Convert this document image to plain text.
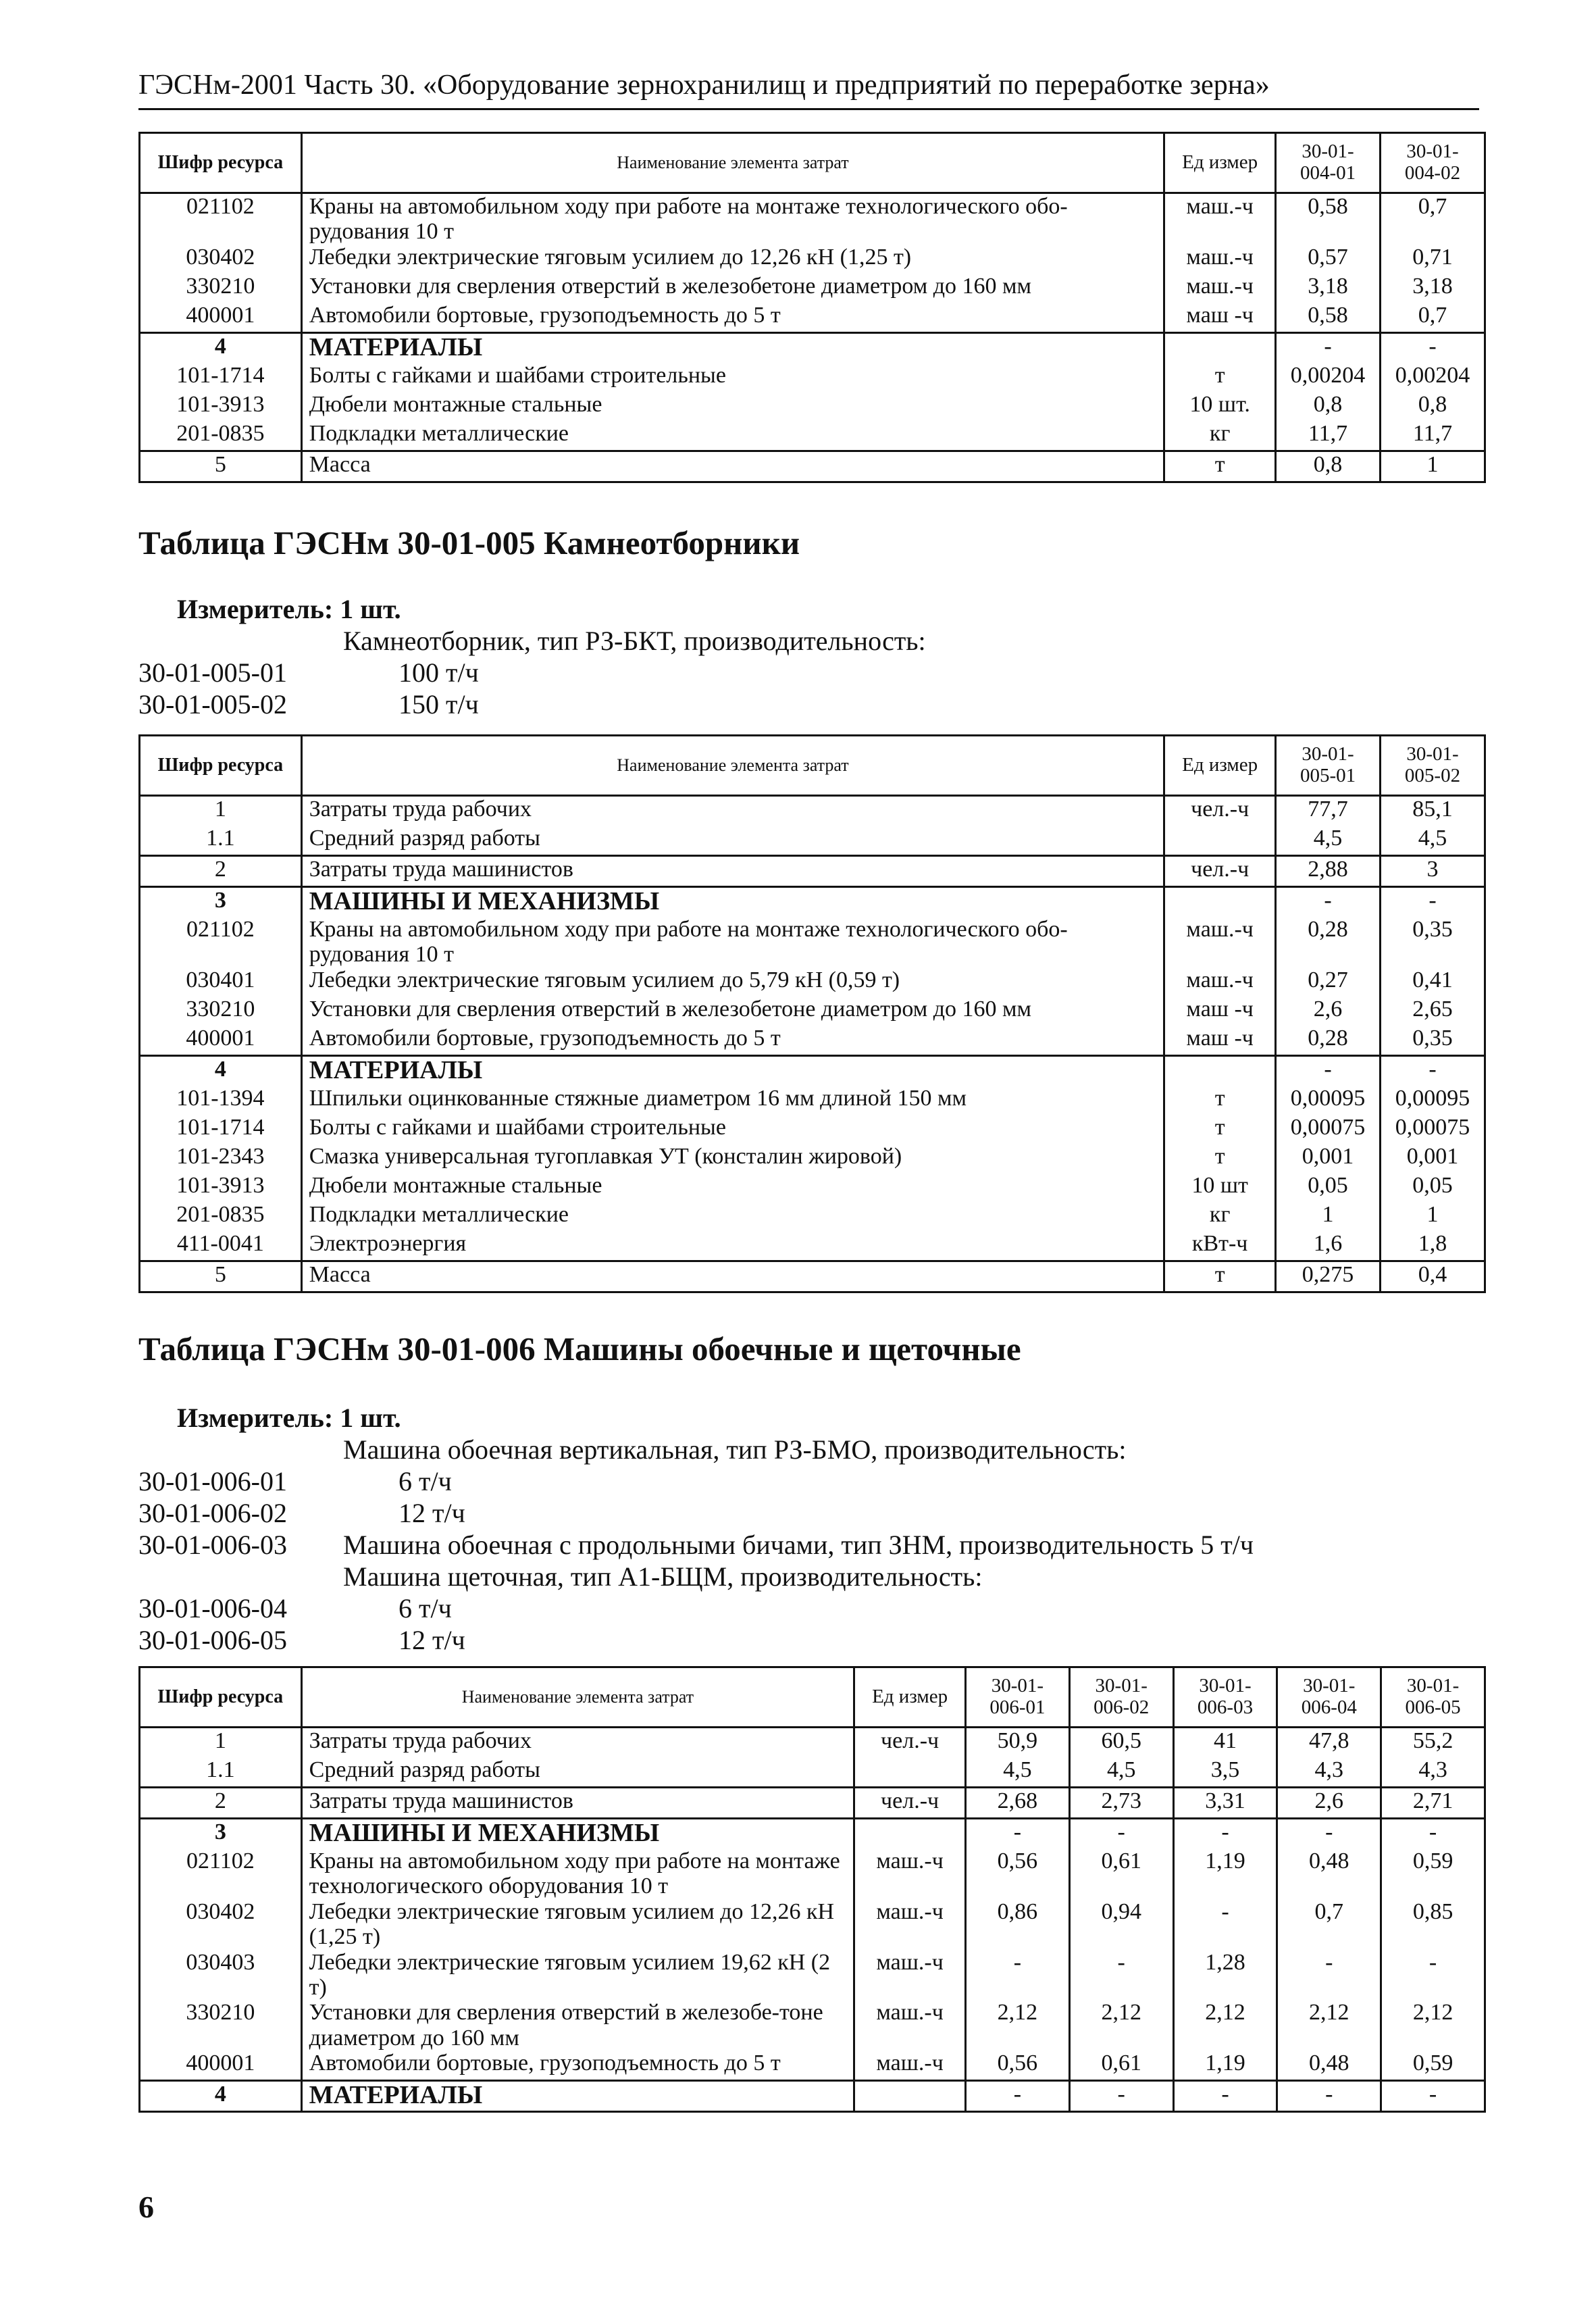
ГЭСНм-2001 Часть 30. «Оборудование зернохранилищ и предприятий по переработке зерна»
Шифр ресурса	Наименование элемента затрат	Ед измер	30-01-
004-01	30-01-
004-02
021102	Краны на автомобильном ходу при работе на монтаже технологического обо-рудования 10 т	маш.-ч	0,58	0,7
030402	Лебедки электрические тяговым усилием до 12,26 кН (1,25 т)	маш.-ч	0,57	0,71
330210	Установки для сверления отверстий в железобетоне диаметром до 160 мм	маш.-ч	3,18	3,18
400001	Автомобили бортовые, грузоподъемность до 5 т	маш -ч	0,58	0,7
4	МАТЕРИАЛЫ		-	-
101-1714	Болты с гайками и шайбами строительные	т	0,00204	0,00204
101-3913	Дюбели монтажные стальные	10 шт.	0,8	0,8
201-0835	Подкладки металлические	кг	11,7	11,7
5	Масса	т	0,8	1
Таблица ГЭСНм 30-01-005 Камнеотборники
Измеритель: 1 шт.
Камнеотборник, тип РЗ-БКТ, производительность:
30-01-005-01	100 т/ч
30-01-005-02	150 т/ч
Шифр ресурса	Наименование элемента затрат	Ед измер	30-01-
005-01	30-01-
005-02
1	Затраты труда рабочих	чел.-ч	77,7	85,1
1.1	Средний разряд работы		4,5	4,5
2	Затраты труда машинистов	чел.-ч	2,88	3
3	МАШИНЫ И МЕХАНИЗМЫ		-	-
021102	Краны на автомобильном ходу при работе на монтаже технологического обо-рудования 10 т	маш.-ч	0,28	0,35
030401	Лебедки электрические тяговым усилием до 5,79 кН (0,59 т)	маш.-ч	0,27	0,41
330210	Установки для сверления отверстий в железобетоне диаметром до 160 мм	маш -ч	2,6	2,65
400001	Автомобили бортовые, грузоподъемность до 5 т	маш -ч	0,28	0,35
4	МАТЕРИАЛЫ		-	-
101-1394	Шпильки оцинкованные стяжные диаметром 16 мм длиной 150 мм	т	0,00095	0,00095
101-1714	Болты с гайками и шайбами строительные	т	0,00075	0,00075
101-2343	Смазка универсальная тугоплавкая УТ (консталин жировой)	т	0,001	0,001
101-3913	Дюбели монтажные стальные	10 шт	0,05	0,05
201-0835	Подкладки металлические	кг	1	1
411-0041	Электроэнергия	кВт-ч	1,6	1,8
5	Масса	т	0,275	0,4
Таблица ГЭСНм 30-01-006 Машины обоечные и щеточные
Измеритель: 1 шт.
Машина обоечная вертикальная, тип РЗ-БМО, производительность:
30-01-006-01	6 т/ч
30-01-006-02	12 т/ч
30-01-006-03 Машина обоечная с продольными бичами, тип ЗНМ, производительность 5 т/ч
Машина щеточная, тип А1-БЩМ, производительность:
30-01-006-04	6 т/ч
30-01-006-05	12 т/ч
Шифр ресурса	Наименование элемента затрат	Ед измер	30-01-
006-01	30-01-
006-02	30-01-
006-03	30-01-
006-04	30-01-
006-05
1	Затраты труда рабочих	чел.-ч	50,9	60,5	41	47,8	55,2
1.1	Средний разряд работы		4,5	4,5	3,5	4,3	4,3
2	Затраты труда машинистов	чел.-ч	2,68	2,73	3,31	2,6	2,71
3	МАШИНЫ И МЕХАНИЗМЫ		-	-	-	-	-
021102	Краны на автомобильном ходу при работе на монтаже технологического оборудования 10 т	маш.-ч	0,56	0,61	1,19	0,48	0,59
030402	Лебедки электрические тяговым усилием до 12,26 кН (1,25 т)	маш.-ч	0,86	0,94	-	0,7	0,85
030403	Лебедки электрические тяговым усилием 19,62 кН (2 т)	маш.-ч	-	-	1,28	-	-
330210	Установки для сверления отверстий в железобе-тоне диаметром до 160 мм	маш.-ч	2,12	2,12	2,12	2,12	2,12
400001	Автомобили бортовые, грузоподъемность до 5 т	маш.-ч	0,56	0,61	1,19	0,48	0,59
4	МАТЕРИАЛЫ		-	-	-	-	-
6
